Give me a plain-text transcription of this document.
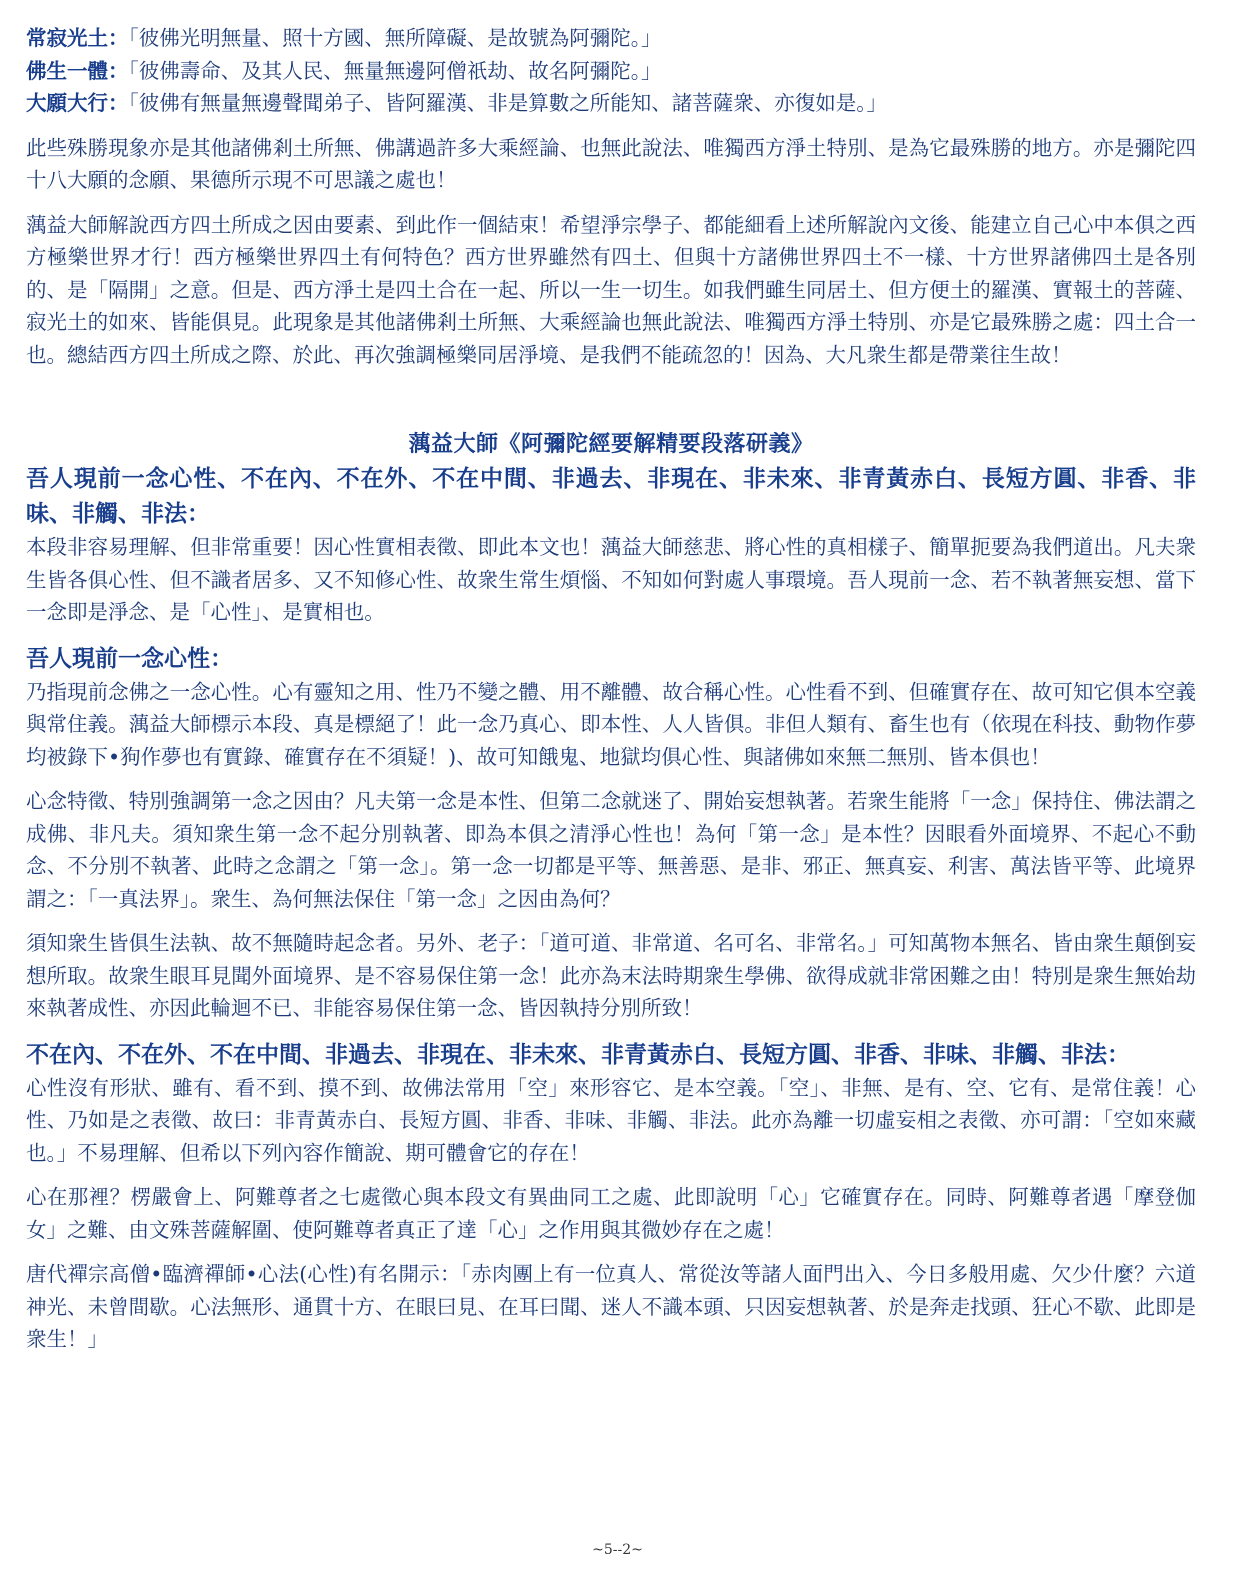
常寂光土：「彼佛光明無量、照十方國、無所障礙、是故號為阿彌陀。」
佛生一體：「彼佛壽命、及其人民、無量無邊阿僧祇劫、故名阿彌陀。」
大願大行：「彼佛有無量無邊聲聞弟子、皆阿羅漢、非是算數之所能知、諸菩薩衆、亦復如是。」

此些殊勝現象亦是其他諸佛剎土所無、佛講過許多大乘經論、也無此說法、唯獨西方淨土特別、是為它最殊勝的地方。亦是彌陀四十八大願的念願、果德所示現不可思議之處也！

蕅益大師解說西方四土所成之因由要素、到此作一個結束！希望淨宗學子、都能細看上述所解說內文後、能建立自己心中本俱之西方極樂世界才行！西方極樂世界四土有何特色？西方世界雖然有四土、但與十方諸佛世界四土不一樣、十方世界諸佛四土是各別的、是「隔開」之意。但是、西方淨土是四土合在一起、所以一生一切生。如我們雖生同居土、但方便土的羅漢、實報土的菩薩、寂光土的如來、皆能俱見。此現象是其他諸佛剎土所無、大乘經論也無此說法、唯獨西方淨土特別、亦是它最殊勝之處：四土合一也。總結西方四土所成之際、於此、再次強調極樂同居淨境、是我們不能疏忽的！因為、大凡衆生都是帶業往生故！

蕅益大師《阿彌陀經要解精要段落研義》

吾人現前一念心性、不在內、不在外、不在中間、非過去、非現在、非未來、非青黃赤白、長短方圓、非香、非味、非觸、非法：

本段非容易理解、但非常重要！因心性實相表徵、即此本文也！蕅益大師慈悲、將心性的真相樣子、簡單扼要為我們道出。凡夫衆生皆各俱心性、但不識者居多、又不知修心性、故衆生常生煩惱、不知如何對處人事環境。吾人現前一念、若不執著無妄想、當下一念即是淨念、是「心性」、是實相也。

吾人現前一念心性：

乃指現前念佛之一念心性。心有靈知之用、性乃不變之體、用不離體、故合稱心性。心性看不到、但確實存在、故可知它俱本空義與常住義。蕅益大師標示本段、真是標絕了！此一念乃真心、即本性、人人皆俱。非但人類有、畜生也有（依現在科技、動物作夢均被錄下•狗作夢也有實錄、確實存在不須疑！)、故可知餓鬼、地獄均俱心性、與諸佛如來無二無別、皆本俱也！

心念特徵、特別強調第一念之因由？凡夫第一念是本性、但第二念就迷了、開始妄想執著。若衆生能將「一念」保持住、佛法謂之成佛、非凡夫。須知衆生第一念不起分別執著、即為本俱之清淨心性也！為何「第一念」是本性？因眼看外面境界、不起心不動念、不分別不執著、此時之念謂之「第一念」。第一念一切都是平等、無善惡、是非、邪正、無真妄、利害、萬法皆平等、此境界謂之：「一真法界」。衆生、為何無法保住「第一念」之因由為何？

須知衆生皆俱生法執、故不無隨時起念者。另外、老子：「道可道、非常道、名可名、非常名。」可知萬物本無名、皆由衆生顛倒妄想所取。故衆生眼耳見聞外面境界、是不容易保住第一念！此亦為末法時期衆生學佛、欲得成就非常困難之由！特別是衆生無始劫來執著成性、亦因此輪迴不已、非能容易保住第一念、皆因執持分別所致！

不在內、不在外、不在中間、非過去、非現在、非未來、非青黃赤白、長短方圓、非香、非味、非觸、非法：

心性沒有形狀、雖有、看不到、摸不到、故佛法常用「空」來形容它、是本空義。「空」、非無、是有、空、它有、是常住義！心性、乃如是之表徵、故曰：非青黃赤白、長短方圓、非香、非味、非觸、非法。此亦為離一切虛妄相之表徵、亦可謂：「空如來藏也。」不易理解、但希以下列內容作簡說、期可體會它的存在！

心在那裡？楞嚴會上、阿難尊者之七處徵心與本段文有異曲同工之處、此即說明「心」它確實存在。同時、阿難尊者遇「摩登伽女」之難、由文殊菩薩解圍、使阿難尊者真正了達「心」之作用與其微妙存在之處！

唐代禪宗高僧•臨濟禪師•心法(心性)有名開示：「赤肉團上有一位真人、常從汝等諸人面門出入、今日多般用處、欠少什麼？六道神光、未曾間歇。心法無形、通貫十方、在眼曰見、在耳曰聞、迷人不識本頭、只因妄想執著、於是奔走找頭、狂心不歇、此即是衆生！」

~5--2~
